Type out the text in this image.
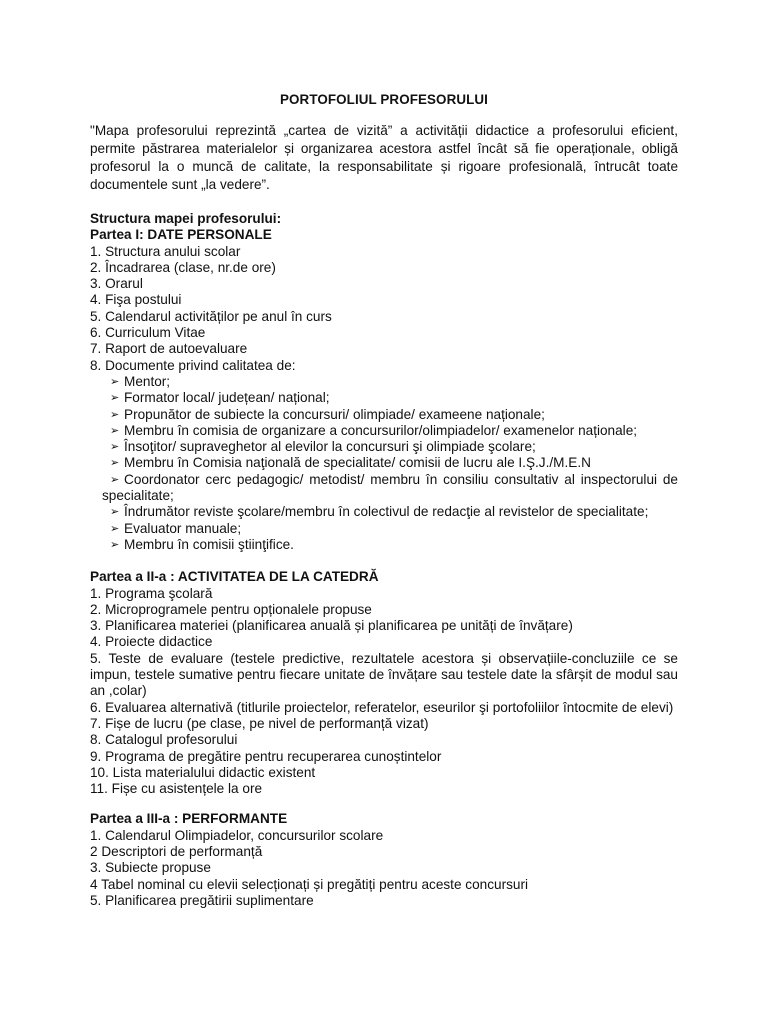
PORTOFOLIUL PROFESORULUI

"Mapa profesorului reprezintă „cartea de vizită” a activității didactice a profesorului eficient, permite păstrarea materialelor și organizarea acestora astfel încât să fie operaționale, obligă profesorul la o muncă de calitate, la responsabilitate și rigoare profesională, întrucât toate documentele sunt „la vedere”.

Structura mapei profesorului:
Partea I: DATE PERSONALE
1. Structura anului scolar
2. Încadrarea (clase, nr.de ore)
3. Orarul
4. Fişa postului
5. Calendarul activităților pe anul în curs
6. Curriculum Vitae
7. Raport de autoevaluare
8. Documente privind calitatea de:
➢ Mentor;
➢ Formator local/ județean/ național;
➢ Propunător de subiecte la concursuri/ olimpiade/ exameene naționale;
➢ Membru în comisia de organizare a concursurilor/olimpiadelor/ examenelor naționale;
➢ Însoţitor/ supraveghetor al elevilor la concursuri şi olimpiade şcolare;
➢ Membru în Comisia naţională de specialitate/ comisii de lucru ale I.Ş.J./M.E.N
➢ Coordonator cerc pedagogic/ metodist/ membru în consiliu consultativ al inspectorului de specialitate;
➢ Îndrumător reviste şcolare/membru în colectivul de redacţie al revistelor de specialitate;
➢ Evaluator manuale;
➢ Membru în comisii ştiinţifice.
Partea a II-a : ACTIVITATEA DE LA CATEDRĂ
1. Programa şcolară
2. Microprogramele pentru opționalele propuse
3. Planificarea materiei (planificarea anuală și planificarea pe unități de învățare)
4. Proiecte didactice
5. Teste de evaluare (testele predictive, rezultatele acestora și observațiile-concluziile ce se impun, testele sumative pentru fiecare unitate de învățare sau testele date la sfârșit de modul sau an ,colar)
6. Evaluarea alternativă (titlurile proiectelor, referatelor, eseurilor şi portofoliilor întocmite de elevi)
7. Fișe de lucru (pe clase, pe nivel de performanță vizat)
8. Catalogul profesorului
9. Programa de pregătire pentru recuperarea cunoștintelor
10. Lista materialului didactic existent
11. Fișe cu asistențele la ore
Partea a III-a : PERFORMANTE
1. Calendarul Olimpiadelor, concursurilor scolare
2 Descriptori de performanță
3. Subiecte propuse
4 Tabel nominal cu elevii selecționați și pregătiți pentru aceste concursuri
5. Planificarea pregătirii suplimentare
